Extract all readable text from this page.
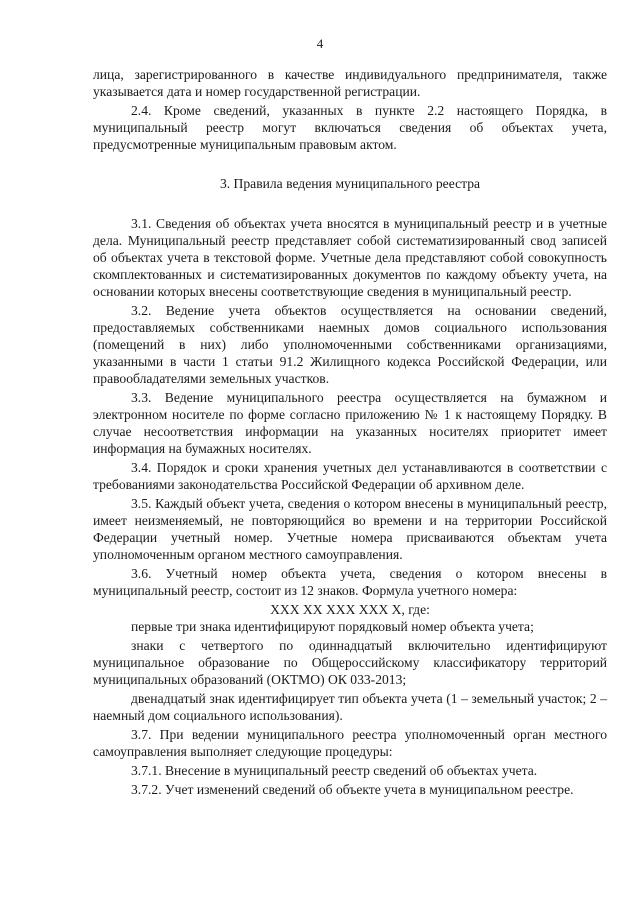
4

лица, зарегистрированного в качестве индивидуального предпринимателя, также указывается дата и номер государственной регистрации.

2.4. Кроме сведений, указанных в пункте 2.2 настоящего Порядка, в муниципальный реестр могут включаться сведения об объектах учета, предусмотренные муниципальным правовым актом.

3. Правила ведения муниципального реестра

3.1. Сведения об объектах учета вносятся в муниципальный реестр и в учетные дела. Муниципальный реестр представляет собой систематизированный свод записей об объектах учета в текстовой форме. Учетные дела представляют собой совокупность скомплектованных и систематизированных документов по каждому объекту учета, на основании которых внесены соответствующие сведения в муниципальный реестр.

3.2. Ведение учета объектов осуществляется на основании сведений, предоставляемых собственниками наемных домов социального использования (помещений в них) либо уполномоченными собственниками организациями, указанными в части 1 статьи 91.2 Жилищного кодекса Российской Федерации, или правообладателями земельных участков.

3.3. Ведение муниципального реестра осуществляется на бумажном и электронном носителе по форме согласно приложению № 1 к настоящему Порядку. В случае несоответствия информации на указанных носителях приоритет имеет информация на бумажных носителях.

3.4. Порядок и сроки хранения учетных дел устанавливаются в соответствии с требованиями законодательства Российской Федерации об архивном деле.

3.5. Каждый объект учета, сведения о котором внесены в муниципальный реестр, имеет неизменяемый, не повторяющийся во времени и на территории Российской Федерации учетный номер. Учетные номера присваиваются объектам учета уполномоченным органом местного самоуправления.

3.6. Учетный номер объекта учета, сведения о котором внесены в муниципальный реестр, состоит из 12 знаков. Формула учетного номера:

XXX XX XXX XXX X, где:

первые три знака идентифицируют порядковый номер объекта учета;

знаки с четвертого по одиннадцатый включительно идентифицируют муниципальное образование по Общероссийскому классификатору территорий муниципальных образований (ОКТМО) ОК 033-2013;

двенадцатый знак идентифицирует тип объекта учета (1 – земельный участок; 2 – наемный дом социального использования).

3.7. При ведении муниципального реестра уполномоченный орган местного самоуправления выполняет следующие процедуры:

3.7.1. Внесение в муниципальный реестр сведений об объектах учета.

3.7.2. Учет изменений сведений об объекте учета в муниципальном реестре.
